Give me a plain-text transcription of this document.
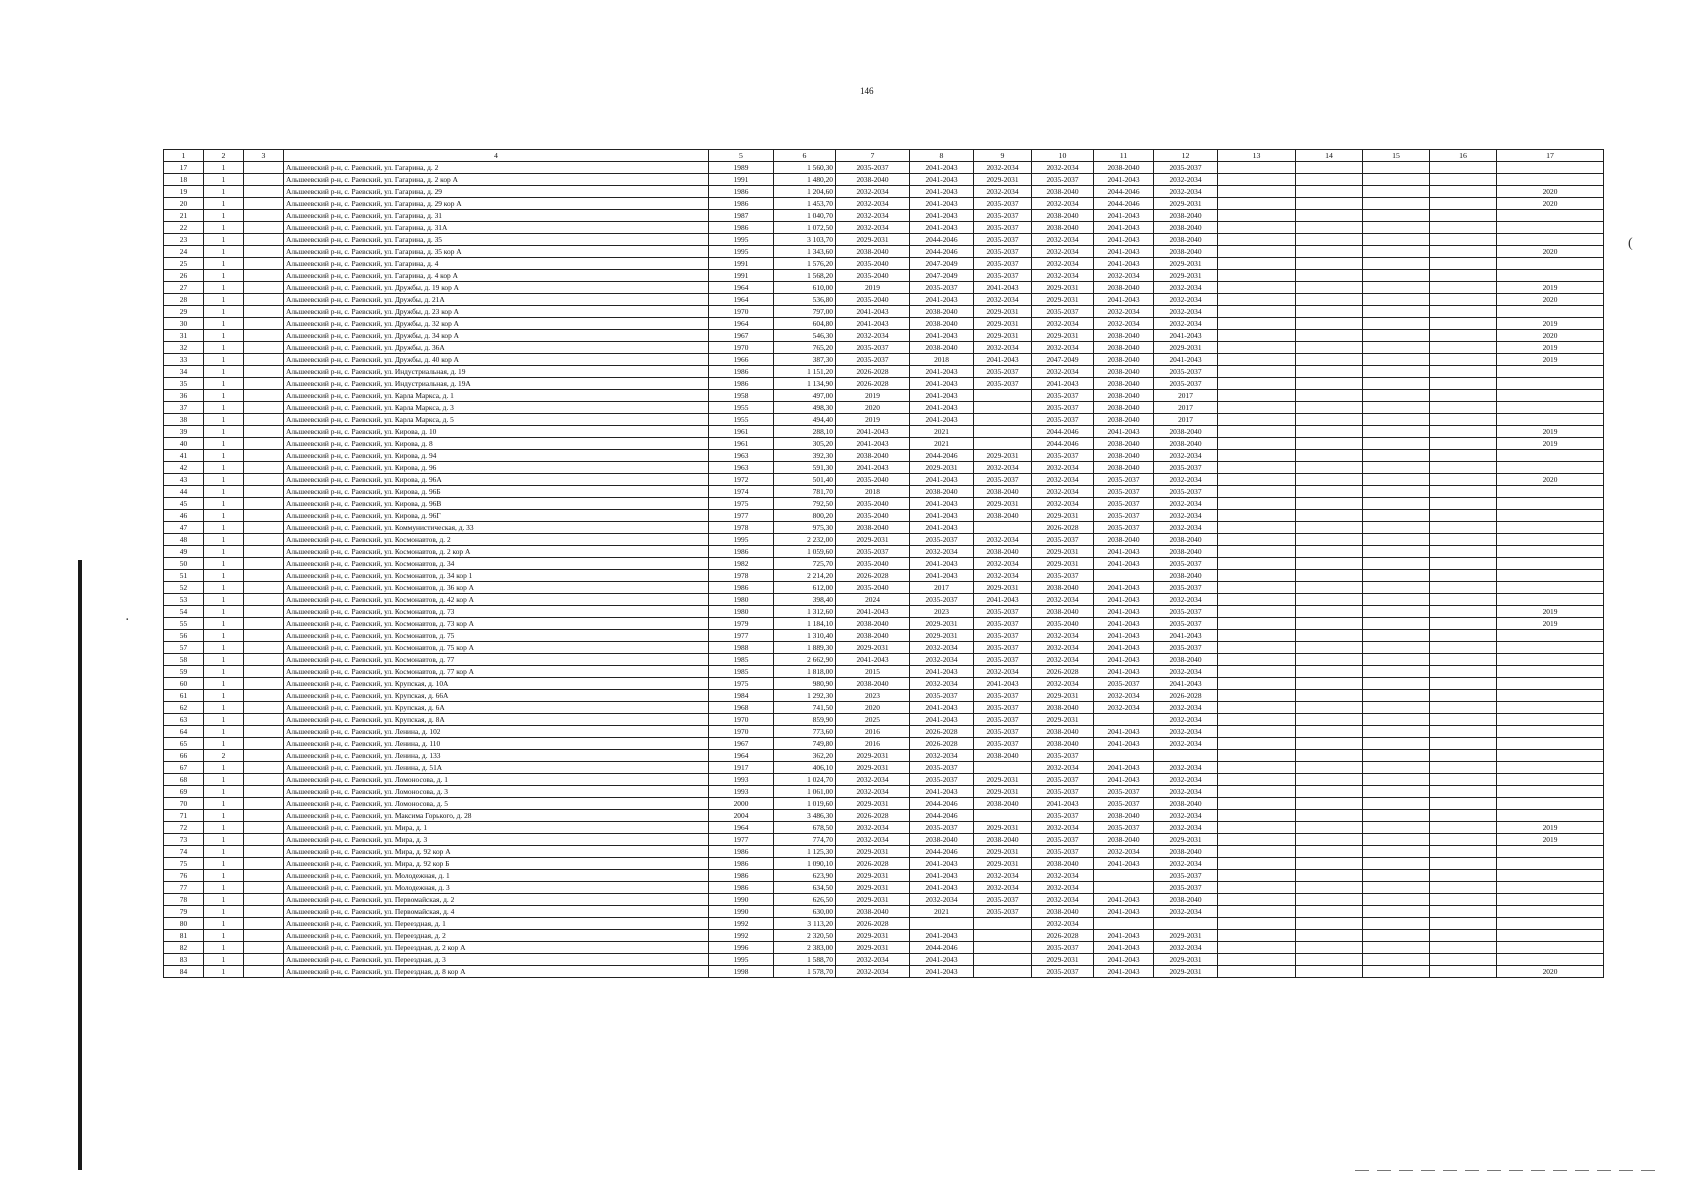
146
(
.
1	2	3	4	5	6	7	8	9	10	11	12	13	14	15	16	17
17	1		Альшеевский р-н, с. Раевский, ул. Гагарина, д. 2	1989	1 560,30	2035-2037	2041-2043	2032-2034	2032-2034	2038-2040	2035-2037					
18	1		Альшеевский р-н, с. Раевский, ул. Гагарина, д. 2 кор А	1991	1 480,20	2038-2040	2041-2043	2029-2031	2035-2037	2041-2043	2032-2034					
19	1		Альшеевский р-н, с. Раевский, ул. Гагарина, д. 29	1986	1 204,60	2032-2034	2041-2043	2032-2034	2038-2040	2044-2046	2032-2034					2020
20	1		Альшеевский р-н, с. Раевский, ул. Гагарина, д. 29 кор А	1986	1 453,70	2032-2034	2041-2043	2035-2037	2032-2034	2044-2046	2029-2031					2020
21	1		Альшеевский р-н, с. Раевский, ул. Гагарина, д. 31	1987	1 040,70	2032-2034	2041-2043	2035-2037	2038-2040	2041-2043	2038-2040					
22	1		Альшеевский р-н, с. Раевский, ул. Гагарина, д. 31А	1986	1 072,50	2032-2034	2041-2043	2035-2037	2038-2040	2041-2043	2038-2040					
23	1		Альшеевский р-н, с. Раевский, ул. Гагарина, д. 35	1995	3 103,70	2029-2031	2044-2046	2035-2037	2032-2034	2041-2043	2038-2040					
24	1		Альшеевский р-н, с. Раевский, ул. Гагарина, д. 35 кор А	1995	1 343,60	2038-2040	2044-2046	2035-2037	2032-2034	2041-2043	2038-2040					2020
25	1		Альшеевский р-н, с. Раевский, ул. Гагарина, д. 4	1991	1 576,20	2035-2040	2047-2049	2035-2037	2032-2034	2041-2043	2029-2031					
26	1		Альшеевский р-н, с. Раевский, ул. Гагарина, д. 4 кор А	1991	1 568,20	2035-2040	2047-2049	2035-2037	2032-2034	2032-2034	2029-2031					
27	1		Альшеевский р-н, с. Раевский, ул. Дружбы, д. 19 кор А	1964	610,00	2019	2035-2037	2041-2043	2029-2031	2038-2040	2032-2034					2019
28	1		Альшеевский р-н, с. Раевский, ул. Дружбы, д. 21А	1964	536,80	2035-2040	2041-2043	2032-2034	2029-2031	2041-2043	2032-2034					2020
29	1		Альшеевский р-н, с. Раевский, ул. Дружбы, д. 23 кор А	1970	797,00	2041-2043	2038-2040	2029-2031	2035-2037	2032-2034	2032-2034					
30	1		Альшеевский р-н, с. Раевский, ул. Дружбы, д. 32 кор А	1964	604,80	2041-2043	2038-2040	2029-2031	2032-2034	2032-2034	2032-2034					2019
31	1		Альшеевский р-н, с. Раевский, ул. Дружбы, д. 34 кор А	1967	546,30	2032-2034	2041-2043	2029-2031	2029-2031	2038-2040	2041-2043					2020
32	1		Альшеевский р-н, с. Раевский, ул. Дружбы, д. 36А	1970	765,20	2035-2037	2038-2040	2032-2034	2032-2034	2038-2040	2029-2031					2019
33	1		Альшеевский р-н, с. Раевский, ул. Дружбы, д. 40 кор А	1966	387,30	2035-2037	2018	2041-2043	2047-2049	2038-2040	2041-2043					2019
34	1		Альшеевский р-н, с. Раевский, ул. Индустриальная, д. 19	1986	1 151,20	2026-2028	2041-2043	2035-2037	2032-2034	2038-2040	2035-2037					
35	1		Альшеевский р-н, с. Раевский, ул. Индустриальная, д. 19А	1986	1 134,90	2026-2028	2041-2043	2035-2037	2041-2043	2038-2040	2035-2037					
36	1		Альшеевский р-н, с. Раевский, ул. Карла Маркса, д. 1	1958	497,00	2019	2041-2043		2035-2037	2038-2040	2017					
37	1		Альшеевский р-н, с. Раевский, ул. Карла Маркса, д. 3	1955	498,30	2020	2041-2043		2035-2037	2038-2040	2017					
38	1		Альшеевский р-н, с. Раевский, ул. Карла Маркса, д. 5	1955	494,40	2019	2041-2043		2035-2037	2038-2040	2017					
39	1		Альшеевский р-н, с. Раевский, ул. Кирова, д. 10	1961	288,10	2041-2043	2021		2044-2046	2041-2043	2038-2040					2019
40	1		Альшеевский р-н, с. Раевский, ул. Кирова, д. 8	1961	305,20	2041-2043	2021		2044-2046	2038-2040	2038-2040					2019
41	1		Альшеевский р-н, с. Раевский, ул. Кирова, д. 94	1963	392,30	2038-2040	2044-2046	2029-2031	2035-2037	2038-2040	2032-2034					
42	1		Альшеевский р-н, с. Раевский, ул. Кирова, д. 96	1963	591,30	2041-2043	2029-2031	2032-2034	2032-2034	2038-2040	2035-2037					
43	1		Альшеевский р-н, с. Раевский, ул. Кирова, д. 96А	1972	501,40	2035-2040	2041-2043	2035-2037	2032-2034	2035-2037	2032-2034					2020
44	1		Альшеевский р-н, с. Раевский, ул. Кирова, д. 96Б	1974	781,70	2018	2038-2040	2038-2040	2032-2034	2035-2037	2035-2037					
45	1		Альшеевский р-н, с. Раевский, ул. Кирова, д. 96В	1975	792,50	2035-2040	2041-2043	2029-2031	2032-2034	2035-2037	2032-2034					
46	1		Альшеевский р-н, с. Раевский, ул. Кирова, д. 96Г	1977	800,20	2035-2040	2041-2043	2038-2040	2029-2031	2035-2037	2032-2034					
47	1		Альшеевский р-н, с. Раевский, ул. Коммунистическая, д. 33	1978	975,30	2038-2040	2041-2043		2026-2028	2035-2037	2032-2034					
48	1		Альшеевский р-н, с. Раевский, ул. Космонавтов, д. 2	1995	2 232,00	2029-2031	2035-2037	2032-2034	2035-2037	2038-2040	2038-2040					
49	1		Альшеевский р-н, с. Раевский, ул. Космонавтов, д. 2 кор А	1986	1 059,60	2035-2037	2032-2034	2038-2040	2029-2031	2041-2043	2038-2040					
50	1		Альшеевский р-н, с. Раевский, ул. Космонавтов, д. 34	1982	725,70	2035-2040	2041-2043	2032-2034	2029-2031	2041-2043	2035-2037					
51	1		Альшеевский р-н, с. Раевский, ул. Космонавтов, д. 34 кор 1	1978	2 214,20	2026-2028	2041-2043	2032-2034	2035-2037		2038-2040					
52	1		Альшеевский р-н, с. Раевский, ул. Космонавтов, д. 36 кор А	1986	612,00	2035-2040	2017	2029-2031	2038-2040	2041-2043	2035-2037					
53	1		Альшеевский р-н, с. Раевский, ул. Космонавтов, д. 42 кор А	1980	398,40	2024	2035-2037	2041-2043	2032-2034	2041-2043	2032-2034					
54	1		Альшеевский р-н, с. Раевский, ул. Космонавтов, д. 73	1980	1 312,60	2041-2043	2023	2035-2037	2038-2040	2041-2043	2035-2037					2019
55	1		Альшеевский р-н, с. Раевский, ул. Космонавтов, д. 73 кор А	1979	1 184,10	2038-2040	2029-2031	2035-2037	2035-2040	2041-2043	2035-2037					2019
56	1		Альшеевский р-н, с. Раевский, ул. Космонавтов, д. 75	1977	1 310,40	2038-2040	2029-2031	2035-2037	2032-2034	2041-2043	2041-2043					
57	1		Альшеевский р-н, с. Раевский, ул. Космонавтов, д. 75 кор А	1988	1 889,30	2029-2031	2032-2034	2035-2037	2032-2034	2041-2043	2035-2037					
58	1		Альшеевский р-н, с. Раевский, ул. Космонавтов, д. 77	1985	2 662,90	2041-2043	2032-2034	2035-2037	2032-2034	2041-2043	2038-2040					
59	1		Альшеевский р-н, с. Раевский, ул. Космонавтов, д. 77 кор А	1985	1 818,00	2015	2041-2043	2032-2034	2026-2028	2041-2043	2032-2034					
60	1		Альшеевский р-н, с. Раевский, ул. Крупская, д. 10А	1975	980,90	2038-2040	2032-2034	2041-2043	2032-2034	2035-2037	2041-2043					
61	1		Альшеевский р-н, с. Раевский, ул. Крупская, д. 66А	1984	1 292,30	2023	2035-2037	2035-2037	2029-2031	2032-2034	2026-2028					
62	1		Альшеевский р-н, с. Раевский, ул. Крупская, д. 6А	1968	741,50	2020	2041-2043	2035-2037	2038-2040	2032-2034	2032-2034					
63	1		Альшеевский р-н, с. Раевский, ул. Крупская, д. 8А	1970	859,90	2025	2041-2043	2035-2037	2029-2031		2032-2034					
64	1		Альшеевский р-н, с. Раевский, ул. Ленина, д. 102	1970	773,60	2016	2026-2028	2035-2037	2038-2040	2041-2043	2032-2034					
65	1		Альшеевский р-н, с. Раевский, ул. Ленина, д. 110	1967	749,80	2016	2026-2028	2035-2037	2038-2040	2041-2043	2032-2034					
66	2		Альшеевский р-н, с. Раевский, ул. Ленина, д. 133	1964	362,20	2029-2031	2032-2034	2038-2040	2035-2037							
67	1		Альшеевский р-н, с. Раевский, ул. Ленина, д. 51А	1917	406,10	2029-2031	2035-2037		2032-2034	2041-2043	2032-2034					
68	1		Альшеевский р-н, с. Раевский, ул. Ломоносова, д. 1	1993	1 024,70	2032-2034	2035-2037	2029-2031	2035-2037	2041-2043	2032-2034					
69	1		Альшеевский р-н, с. Раевский, ул. Ломоносова, д. 3	1993	1 061,00	2032-2034	2041-2043	2029-2031	2035-2037	2035-2037	2032-2034					
70	1		Альшеевский р-н, с. Раевский, ул. Ломоносова, д. 5	2000	1 019,60	2029-2031	2044-2046	2038-2040	2041-2043	2035-2037	2038-2040					
71	1		Альшеевский р-н, с. Раевский, ул. Максима Горького, д. 28	2004	3 486,30	2026-2028	2044-2046		2035-2037	2038-2040	2032-2034					
72	1		Альшеевский р-н, с. Раевский, ул. Мира, д. 1	1964	678,50	2032-2034	2035-2037	2029-2031	2032-2034	2035-2037	2032-2034					2019
73	1		Альшеевский р-н, с. Раевский, ул. Мира, д. 3	1977	774,70	2032-2034	2038-2040	2038-2040	2035-2037	2038-2040	2029-2031					2019
74	1		Альшеевский р-н, с. Раевский, ул. Мира, д. 92 кор А	1986	1 125,30	2029-2031	2044-2046	2029-2031	2035-2037	2032-2034	2038-2040					
75	1		Альшеевский р-н, с. Раевский, ул. Мира, д. 92 кор Б	1986	1 090,10	2026-2028	2041-2043	2029-2031	2038-2040	2041-2043	2032-2034					
76	1		Альшеевский р-н, с. Раевский, ул. Молодежная, д. 1	1986	623,90	2029-2031	2041-2043	2032-2034	2032-2034		2035-2037					
77	1		Альшеевский р-н, с. Раевский, ул. Молодежная, д. 3	1986	634,50	2029-2031	2041-2043	2032-2034	2032-2034		2035-2037					
78	1		Альшеевский р-н, с. Раевский, ул. Первомайская, д. 2	1990	626,50	2029-2031	2032-2034	2035-2037	2032-2034	2041-2043	2038-2040					
79	1		Альшеевский р-н, с. Раевский, ул. Первомайская, д. 4	1990	630,00	2038-2040	2021	2035-2037	2038-2040	2041-2043	2032-2034					
80	1		Альшеевский р-н, с. Раевский, ул. Переездная, д. 1	1992	3 113,20	2026-2028			2032-2034							
81	1		Альшеевский р-н, с. Раевский, ул. Переездная, д. 2	1992	2 320,50	2029-2031	2041-2043		2026-2028	2041-2043	2029-2031					
82	1		Альшеевский р-н, с. Раевский, ул. Переездная, д. 2 кор А	1996	2 383,00	2029-2031	2044-2046		2035-2037	2041-2043	2032-2034					
83	1		Альшеевский р-н, с. Раевский, ул. Переездная, д. 3	1995	1 588,70	2032-2034	2041-2043		2029-2031	2041-2043	2029-2031					
84	1		Альшеевский р-н, с. Раевский, ул. Переездная, д. 8 кор А	1998	1 578,70	2032-2034	2041-2043		2035-2037	2041-2043	2029-2031					2020
